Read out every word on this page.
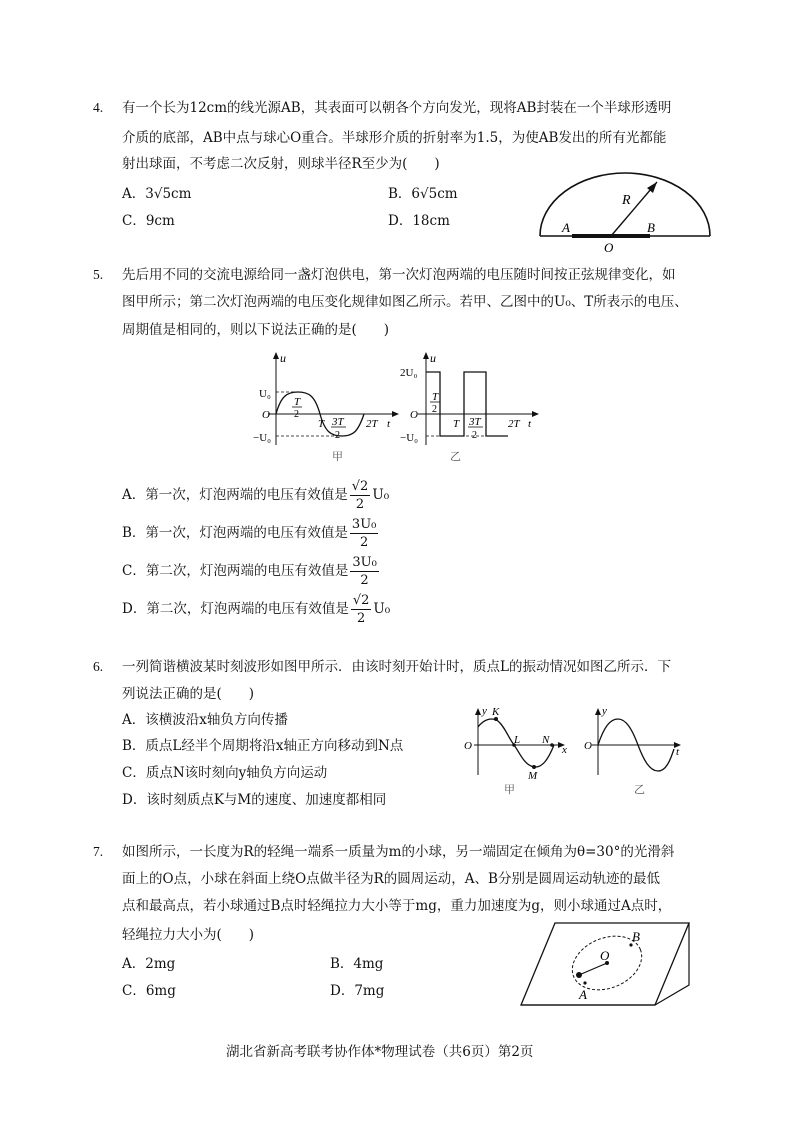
4. 有一个长为12cm的线光源AB，其表面可以朝各个方向发光，现将AB封装在一个半球形透明
介质的底部，AB中点与球心O重合。半球形介质的折射率为1.5，为使AB发出的所有光都能
射出球面，不考虑二次反射，则球半径R至少为(　　)
A．3√5cm	B．6√5cm
C．9cm	D．18cm
R
A
O
B
5. 先后用不同的交流电源给同一盏灯泡供电，第一次灯泡两端的电压随时间按正弦规律变化，如
图甲所示；第二次灯泡两端的电压变化规律如图乙所示。若甲、乙图中的U₀、T所表示的电压、
周期值是相同的，则以下说法正确的是(　　)
u
U₀
O
−U₀
T
2
T 3T
2
2T t
甲
u
2U₀
O
−U₀
T
2
T 3T
2
2T t
乙
A．第一次，灯泡两端的电压有效值是 $\frac{√2}{2} U_0$
B．第一次，灯泡两端的电压有效值是 $\frac{\text{3U₀}}{2}$
C．第二次，灯泡两端的电压有效值是 $\frac{\text{3U₀}}{2}$
D．第二次，灯泡两端的电压有效值是 $\frac{√2}{2} U_0$
6. 一列简谐横波某时刻波形如图甲所示．由该时刻开始计时，质点L的振动情况如图乙所示．下
列说法正确的是(　　)
A．该横波沿x轴负方向传播
B．质点L经半个周期将沿x轴正方向移动到N点
C．质点N该时刻向y轴负方向运动
D．该时刻质点K与M的速度、加速度都相同
y K
O	L N
x
M
甲
y
O	t
乙
7. 如图所示，一长度为R的轻绳一端系一质量为m的小球，另一端固定在倾角为θ=30°的光滑斜
面上的O点，小球在斜面上绕O点做半径为R的圆周运动，A、B分别是圆周运动轨迹的最低
点和最高点，若小球通过B点时轻绳拉力大小等于mg，重力加速度为g，则小球通过A点时，
轻绳拉力大小为(　　)
A．2mg	B．4mg
C．6mg	D．7mg
B
O
A
湖北省新高考联考协作体*物理试卷（共6页）第2页
